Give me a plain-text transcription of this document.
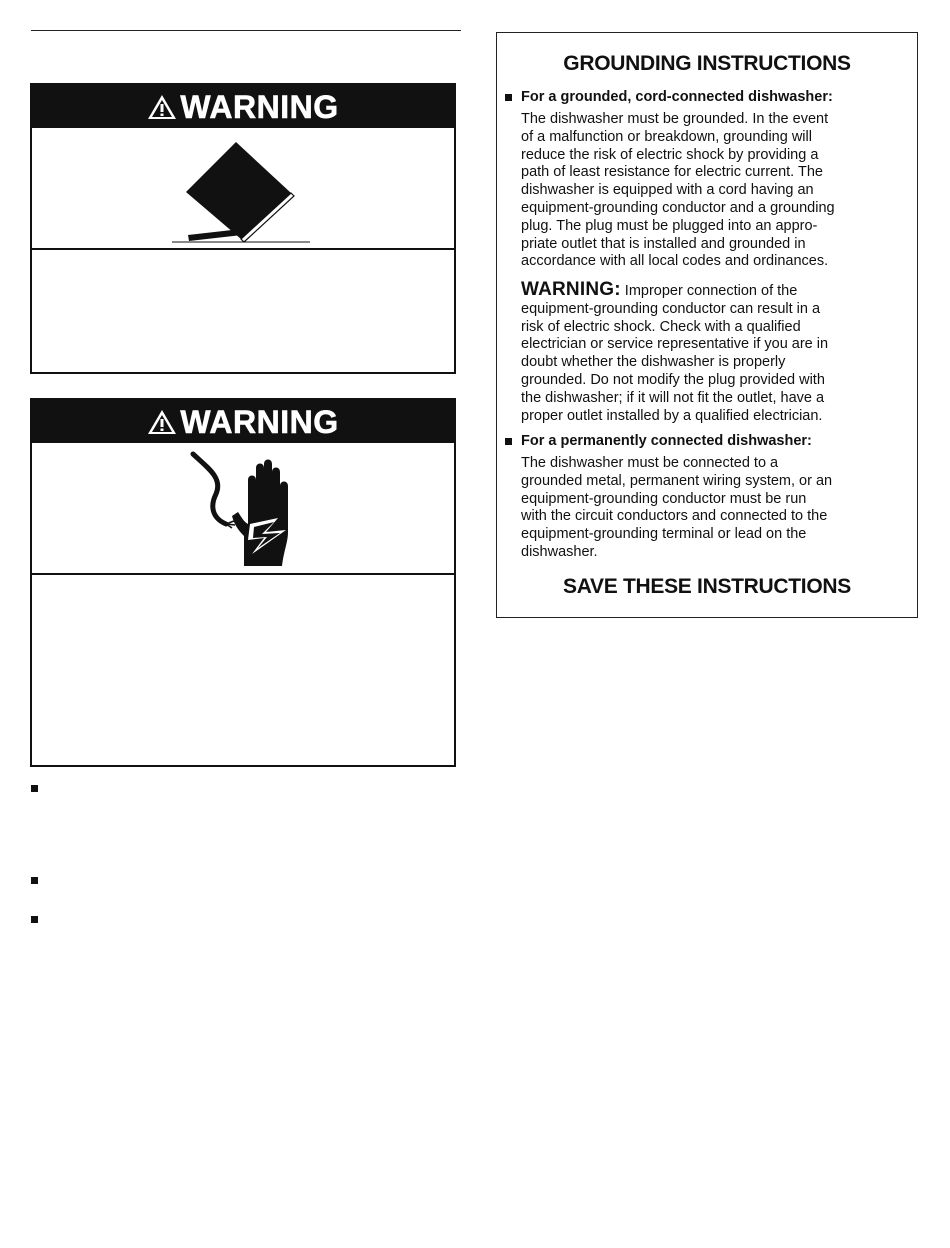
WARNING
WARNING
GROUNDING INSTRUCTIONS
For a grounded, cord-connected dishwasher:

The dishwasher must be grounded. In the event
of a malfunction or breakdown, grounding will
reduce the risk of electric shock by providing a
path of least resistance for electric current. The
dishwasher is equipped with a cord having an
equipment-grounding conductor and a grounding
plug. The plug must be plugged into an appro-
priate outlet that is installed and grounded in
accordance with all local codes and ordinances.

WARNING: Improper connection of the
equipment-grounding conductor can result in a
risk of electric shock. Check with a qualified
electrician or service representative if you are in
doubt whether the dishwasher is properly
grounded. Do not modify the plug provided with
the dishwasher; if it will not fit the outlet, have a
proper outlet installed by a qualified electrician.

For a permanently connected dishwasher:

The dishwasher must be connected to a
grounded metal, permanent wiring system, or an
equipment-grounding conductor must be run
with the circuit conductors and connected to the
equipment-grounding terminal or lead on the
dishwasher.

SAVE THESE INSTRUCTIONS
